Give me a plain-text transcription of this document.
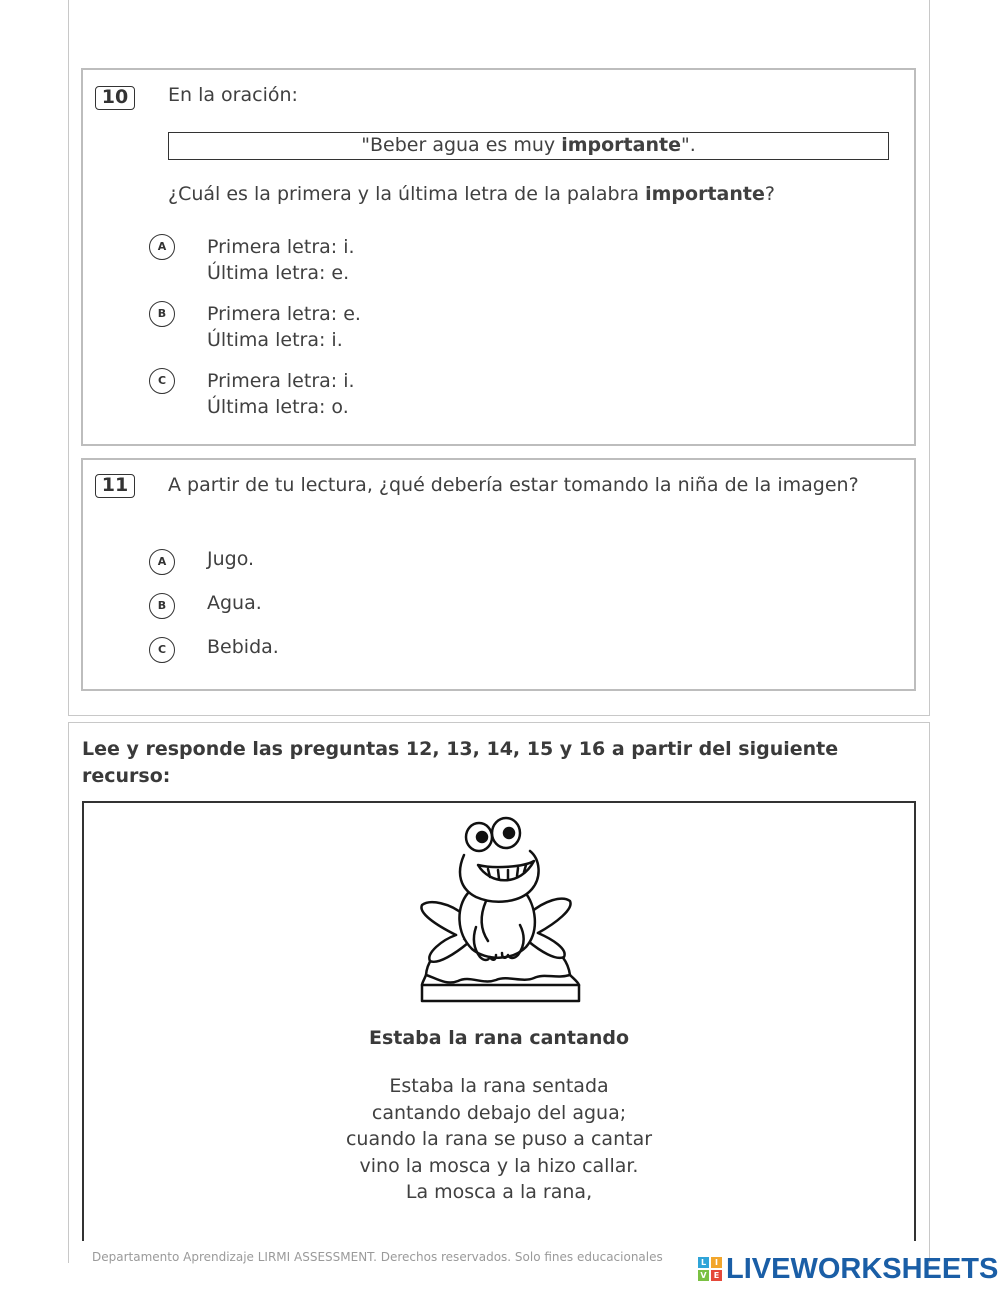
10	En la oración:
"Beber agua es muy importante".
¿Cuál es la primera y la última letra de la palabra importante?
A	Primera letra: i.
Última letra: e.
B	Primera letra: e.
Última letra: i.
C	Primera letra: i.
Última letra: o.
11	A partir de tu lectura, ¿qué debería estar tomando la niña de la imagen?
A	Jugo.
B	Agua.
C	Bebida.
Lee y responde las preguntas 12, 13, 14, 15 y 16 a partir del siguiente recurso:
Estaba la rana cantando
Estaba la rana sentada
cantando debajo del agua;
cuando la rana se puso a cantar
vino la mosca y la hizo callar.
La mosca a la rana,
Departamento Aprendizaje LIRMI ASSESSMENT. Derechos reservados. Solo fines educacionales	L	I
V E LIVEWORKSHEETS
